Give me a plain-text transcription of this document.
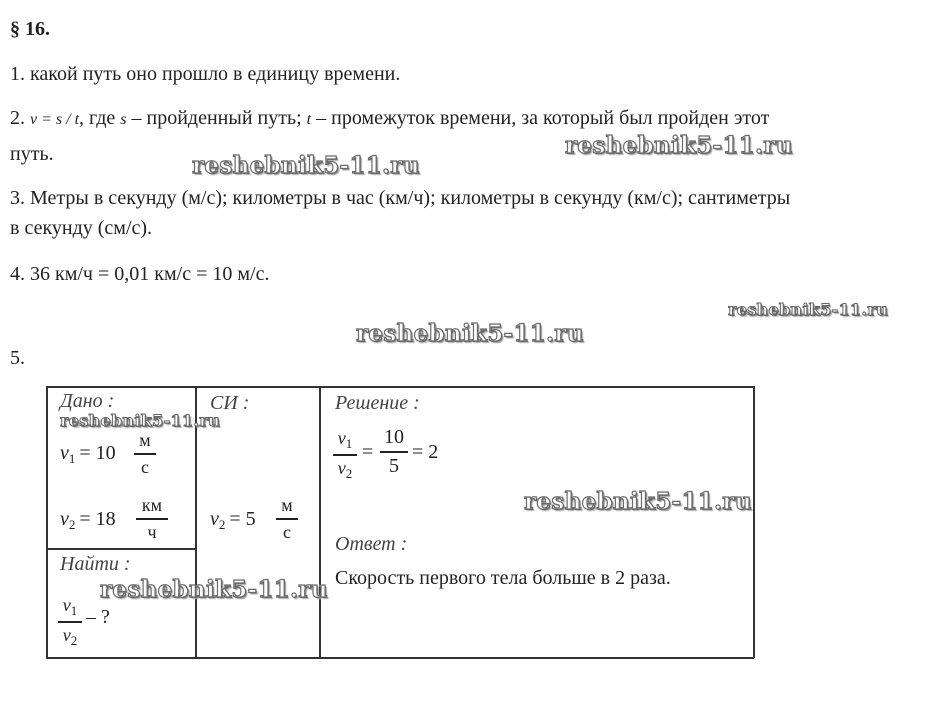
§ 16.
1. какой путь оно прошло в единицу времени.
2. v = s / t, где s – пройденный путь; t – промежуток времени, за который был пройден этот
путь.
3. Метры в секунду (м/с); километры в час (км/ч); километры в секунду (км/с); сантиметры
в секунду (см/с).
4. 36 км/ч = 0,01 км/с = 10 м/с.
5.
reshebnik5-11.ru
reshebnik5-11.ru
reshebnik5-11.ru
reshebnik5-11.ru
Дано :
reshebnik5-11.ru
$v_1 = 10$
м
с
$v_2 = 18$
км
ч
Найти :
reshebnik5-11.ru
$v_1$
$v_2$
– ?
СИ :
$v_2 = 5$
м
с
Решение :
$v_1$
$v_2$
=
10
5
= 2
reshebnik5-11.ru
Ответ :
Скорость первого тела больше в 2 раза.
